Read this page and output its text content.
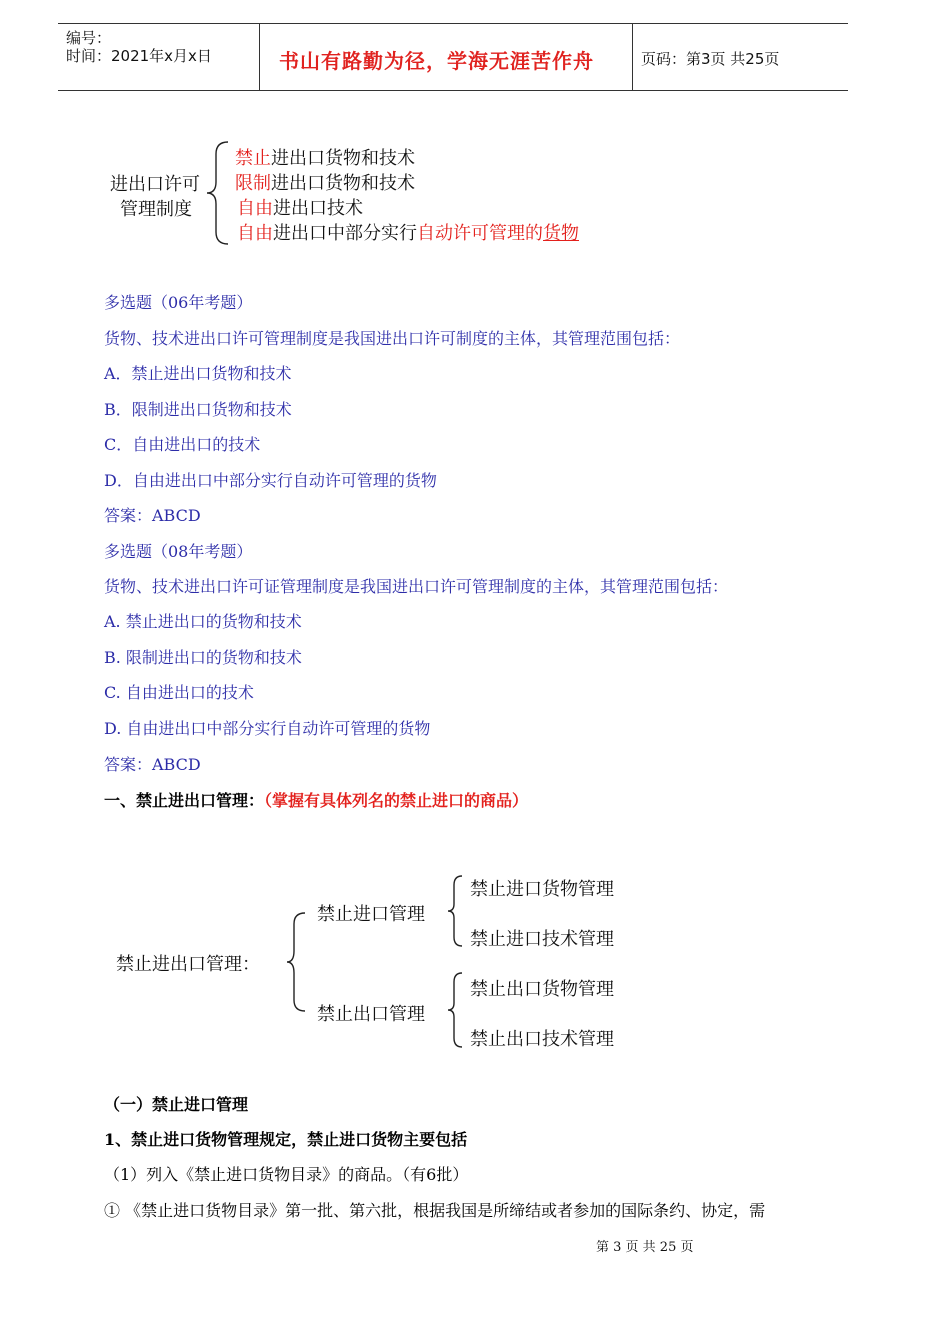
编号：
时间：2021年x月x日	书山有路勤为径，学海无涯苦作舟	页码：第3页 共25页
进出口许可
管理制度
禁止进出口货物和技术
限制进出口货物和技术
自由进出口技术
自由进出口中部分实行自动许可管理的货物
多选题（06年考题）
货物、技术进出口许可管理制度是我国进出口许可制度的主体，其管理范围包括：
A．禁止进出口货物和技术
B．限制进出口货物和技术
C．自由进出口的技术
D．自由进出口中部分实行自动许可管理的货物
答案：ABCD
多选题（08年考题）
货物、技术进出口许可证管理制度是我国进出口许可管理制度的主体，其管理范围包括：
A. 禁止进出口的货物和技术
B. 限制进出口的货物和技术
C. 自由进出口的技术
D. 自由进出口中部分实行自动许可管理的货物
答案：ABCD
一、禁止进出口管理：（掌握有具体列名的禁止进口的商品）
禁止进出口管理：
禁止进口管理
禁止出口管理
禁止进口货物管理
禁止进口技术管理
禁止出口货物管理
禁止出口技术管理
（一）禁止进口管理
1、禁止进口货物管理规定，禁止进口货物主要包括
（1）列入《禁止进口货物目录》的商品。（有6批）
① 《禁止进口货物目录》第一批、第六批，根据我国是所缔结或者参加的国际条约、协定，需
第 3 页 共 25 页
